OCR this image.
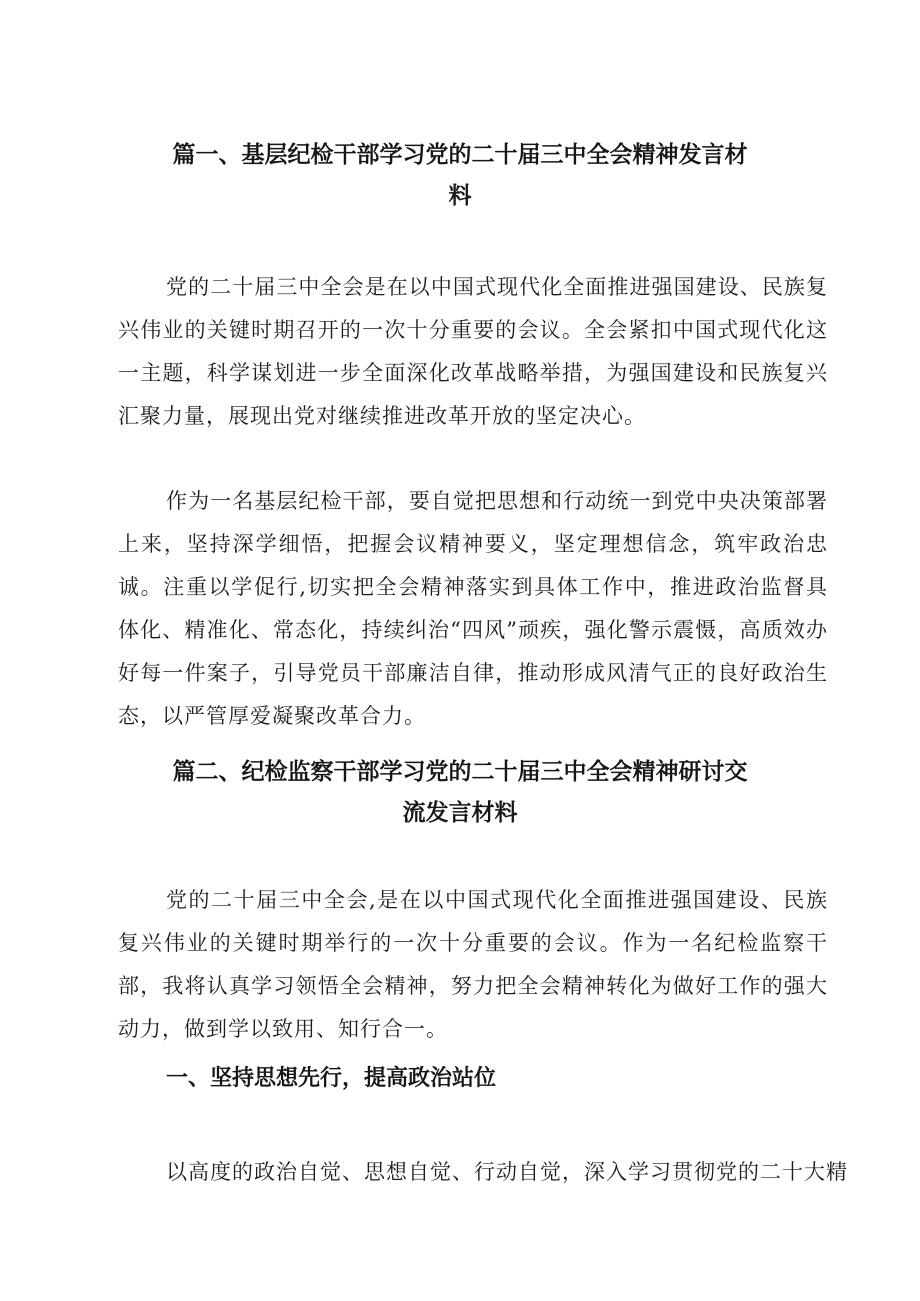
篇一、基层纪检干部学习党的二十届三中全会精神发言材
料

党的二十届三中全会是在以中国式现代化全面推进强国建设、民族复兴伟业的关键时期召开的一次十分重要的会议。全会紧扣中国式现代化这一主题，科学谋划进一步全面深化改革战略举措，为强国建设和民族复兴汇聚力量，展现出党对继续推进改革开放的坚定决心。

作为一名基层纪检干部，要自觉把思想和行动统一到党中央决策部署上来，坚持深学细悟，把握会议精神要义，坚定理想信念，筑牢政治忠诚。注重以学促行,切实把全会精神落实到具体工作中，推进政治监督具体化、精准化、常态化，持续纠治“四风”顽疾，强化警示震慑，高质效办好每一件案子，引导党员干部廉洁自律，推动形成风清气正的良好政治生态，以严管厚爱凝聚改革合力。

篇二、纪检监察干部学习党的二十届三中全会精神研讨交
流发言材料

党的二十届三中全会,是在以中国式现代化全面推进强国建设、民族复兴伟业的关键时期举行的一次十分重要的会议。作为一名纪检监察干部，我将认真学习领悟全会精神，努力把全会精神转化为做好工作的强大动力，做到学以致用、知行合一。

一、坚持思想先行，提高政治站位

以高度的政治自觉、思想自觉、行动自觉，深入学习贯彻党的二十大精
